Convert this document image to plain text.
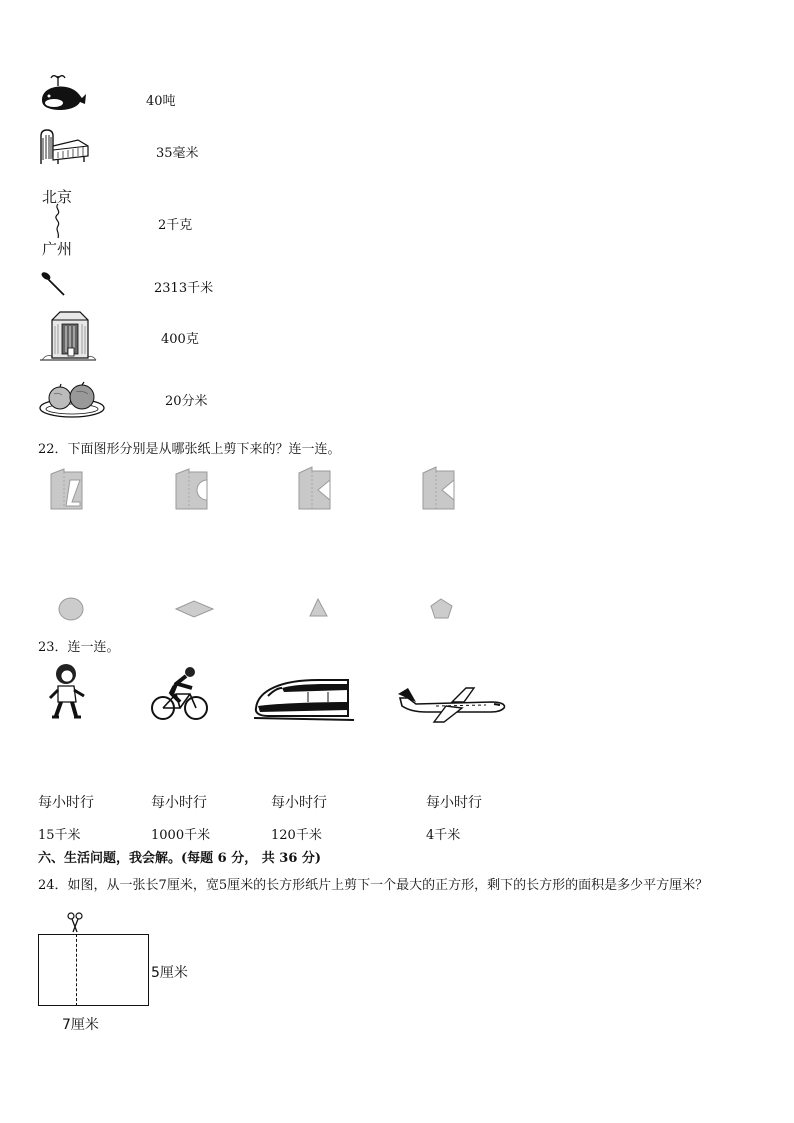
40吨
35毫米
北京
广州
2千克
2313千米
400克
20分米
22．下面图形分别是从哪张纸上剪下来的？连一连。
23．连一连。
每小时行	每小时行	每小时行	每小时行
15千米	1000千米	120千米	4千米
六、生活问题，我会解。(每题 6 分， 共 36 分)
24．如图，从一张长7厘米，宽5厘米的长方形纸片上剪下一个最大的正方形，剩下的长方形的面积是多少平方厘米？
5厘米
7厘米
